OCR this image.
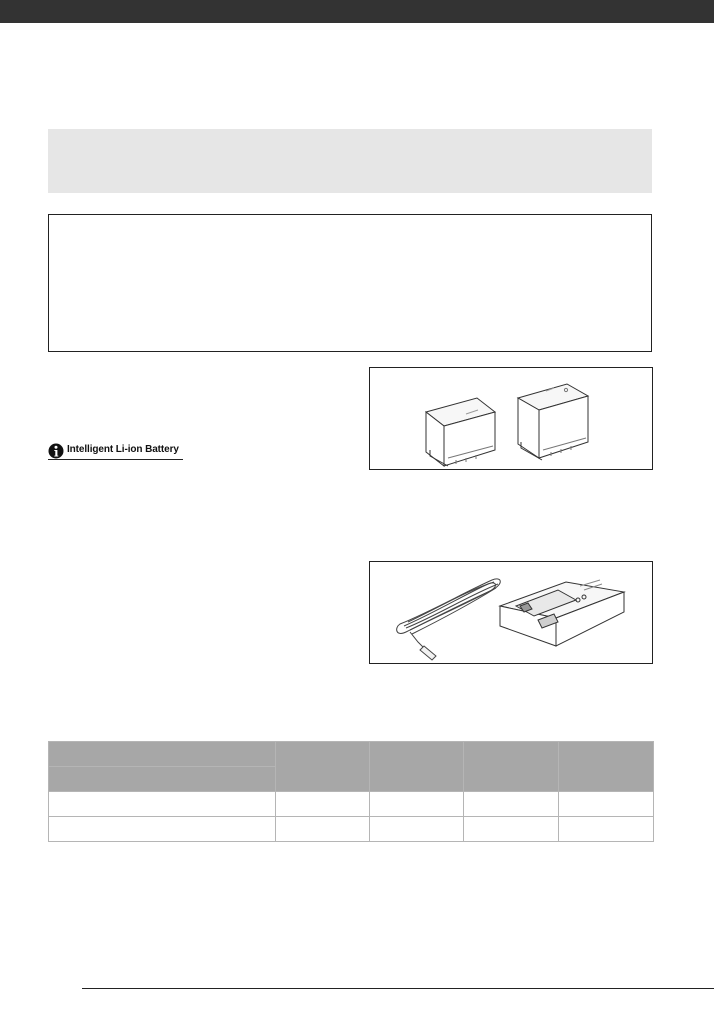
Intelligent Li-ion Battery
